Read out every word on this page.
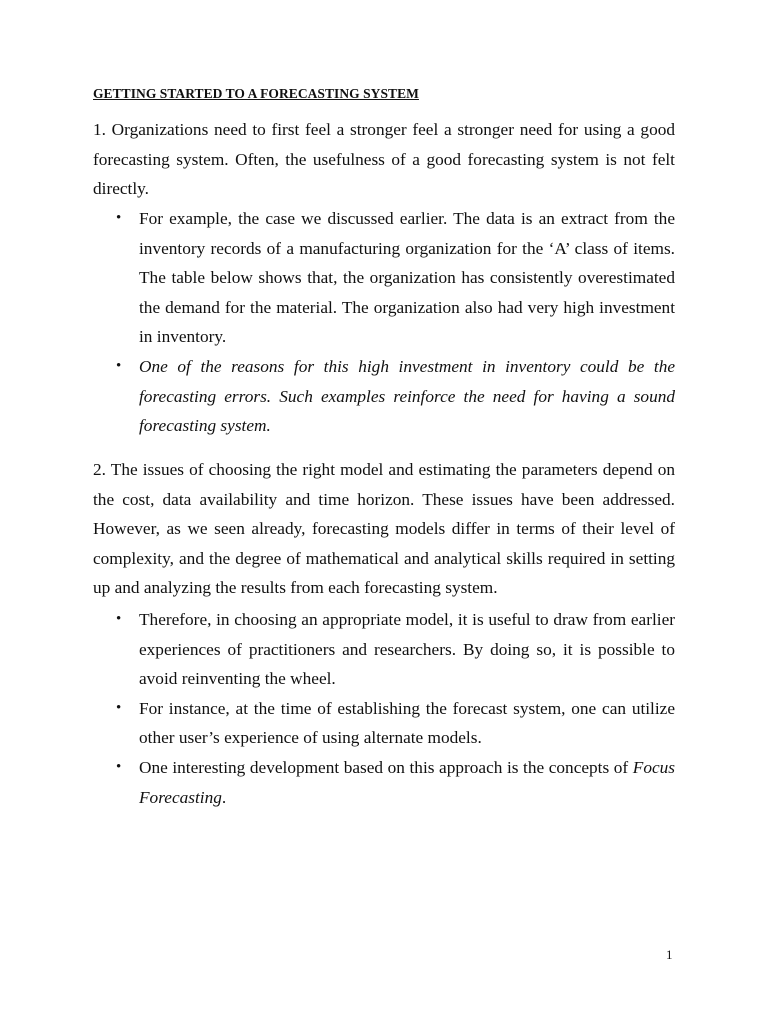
GETTING STARTED TO A FORECASTING SYSTEM

1. Organizations need to first feel a stronger feel a stronger need for using a good forecasting system. Often, the usefulness of a good forecasting system is not felt directly.

• For example, the case we discussed earlier. The data is an extract from the inventory records of a manufacturing organization for the ‘A’ class of items. The table below shows that, the organization has consistently overestimated the demand for the material. The organization also had very high investment in inventory.
• One of the reasons for this high investment in inventory could be the forecasting errors. Such examples reinforce the need for having a sound forecasting system.

2. The issues of choosing the right model and estimating the parameters depend on the cost, data availability and time horizon. These issues have been addressed. However, as we seen already, forecasting models differ in terms of their level of complexity, and the degree of mathematical and analytical skills required in setting up and analyzing the results from each forecasting system.

• Therefore, in choosing an appropriate model, it is useful to draw from earlier experiences of practitioners and researchers. By doing so, it is possible to avoid reinventing the wheel.
• For instance, at the time of establishing the forecast system, one can utilize other user’s experience of using alternate models.
• One interesting development based on this approach is the concepts of Focus Forecasting.
1
